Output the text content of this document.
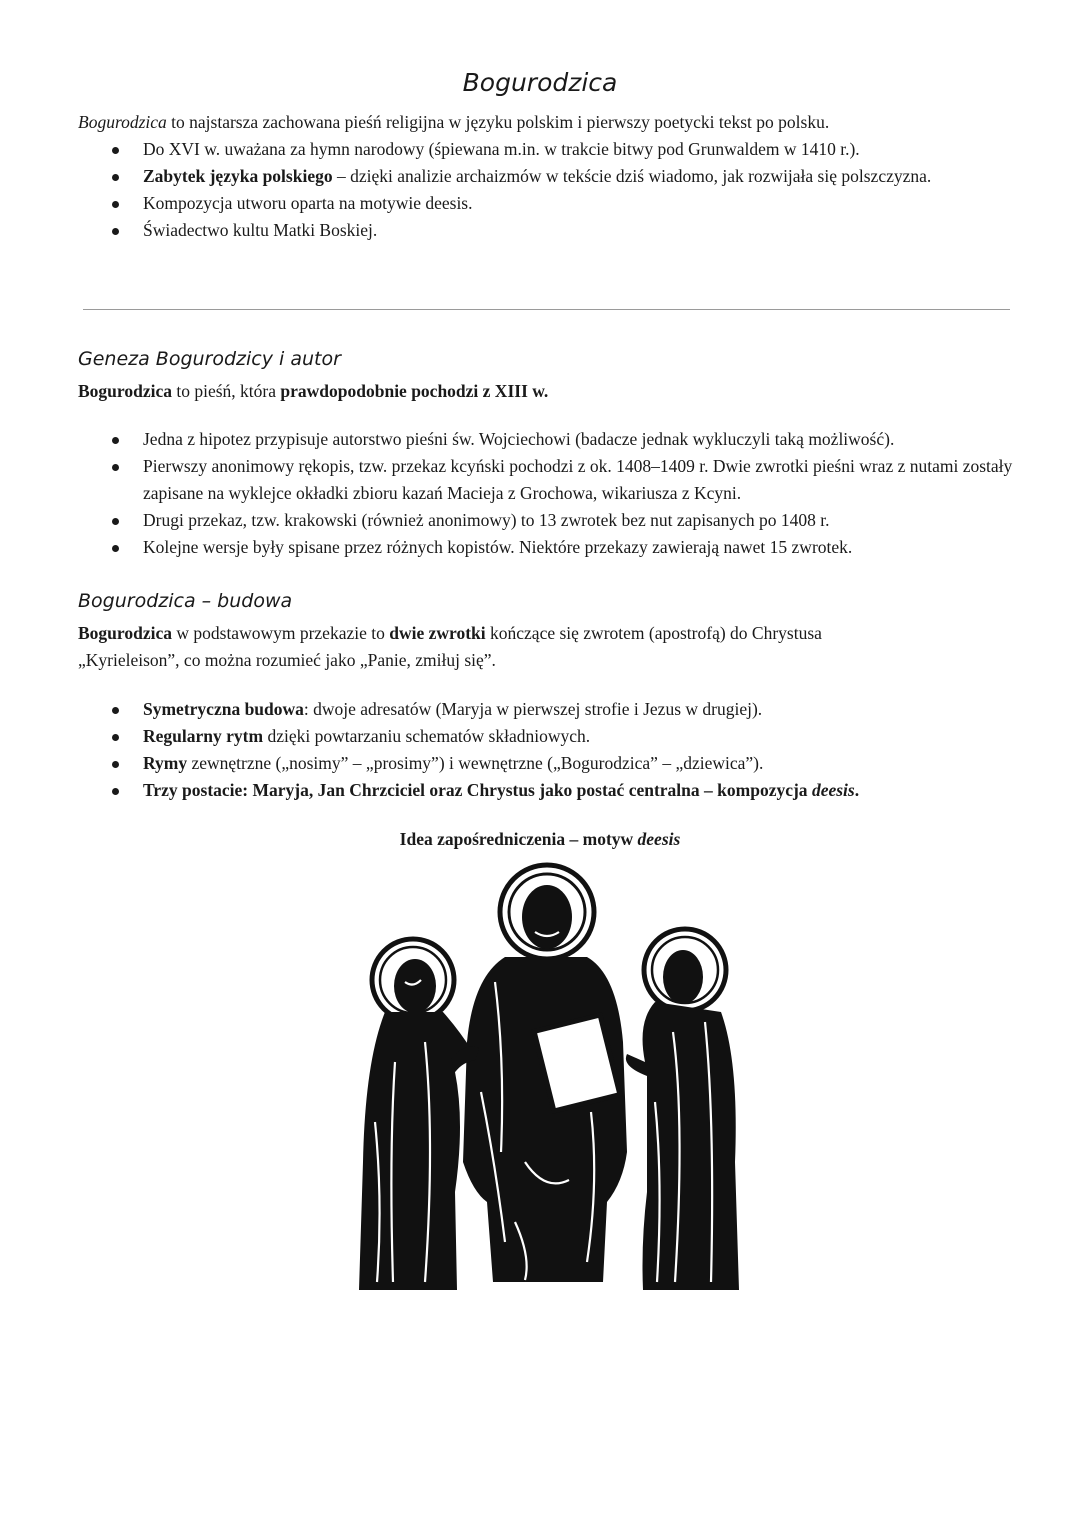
Bogurodzica

Bogurodzica to najstarsza zachowana pieśń religijna w języku polskim i pierwszy poetycki tekst po polsku.

Do XVI w. uważana za hymn narodowy (śpiewana m.in. w trakcie bitwy pod Grunwaldem w 1410 r.).
Zabytek języka polskiego – dzięki analizie archaizmów w tekście dziś wiadomo, jak rozwijała się polszczyzna.
Kompozycja utworu oparta na motywie deesis.
Świadectwo kultu Matki Boskiej.
Geneza Bogurodzicy i autor

Bogurodzica to pieśń, która prawdopodobnie pochodzi z XIII w.

Jedna z hipotez przypisuje autorstwo pieśni św. Wojciechowi (badacze jednak wykluczyli taką możliwość).
Pierwszy anonimowy rękopis, tzw. przekaz kcyński pochodzi z ok. 1408–1409 r. Dwie zwrotki pieśni wraz z nutami zostały zapisane na wyklejce okładki zbioru kazań Macieja z Grochowa, wikariusza z Kcyni.
Drugi przekaz, tzw. krakowski (również anonimowy) to 13 zwrotek bez nut zapisanych po 1408 r.
Kolejne wersje były spisane przez różnych kopistów. Niektóre przekazy zawierają nawet 15 zwrotek.
Bogurodzica – budowa

Bogurodzica w podstawowym przekazie to dwie zwrotki kończące się zwrotem (apostrofą) do Chrystusa

„Kyrieleison”, co można rozumieć jako „Panie, zmiłuj się”.

Symetryczna budowa: dwoje adresatów (Maryja w pierwszej strofie i Jezus w drugiej).
Regularny rytm dzięki powtarzaniu schematów składniowych.
Rymy zewnętrzne („nosimy” – „prosimy”) i wewnętrzne („Bogurodzica” – „dziewica”).
Trzy postacie: Maryja, Jan Chrzciciel oraz Chrystus jako postać centralna – kompozycja deesis.

Idea zapośredniczenia – motyw deesis
